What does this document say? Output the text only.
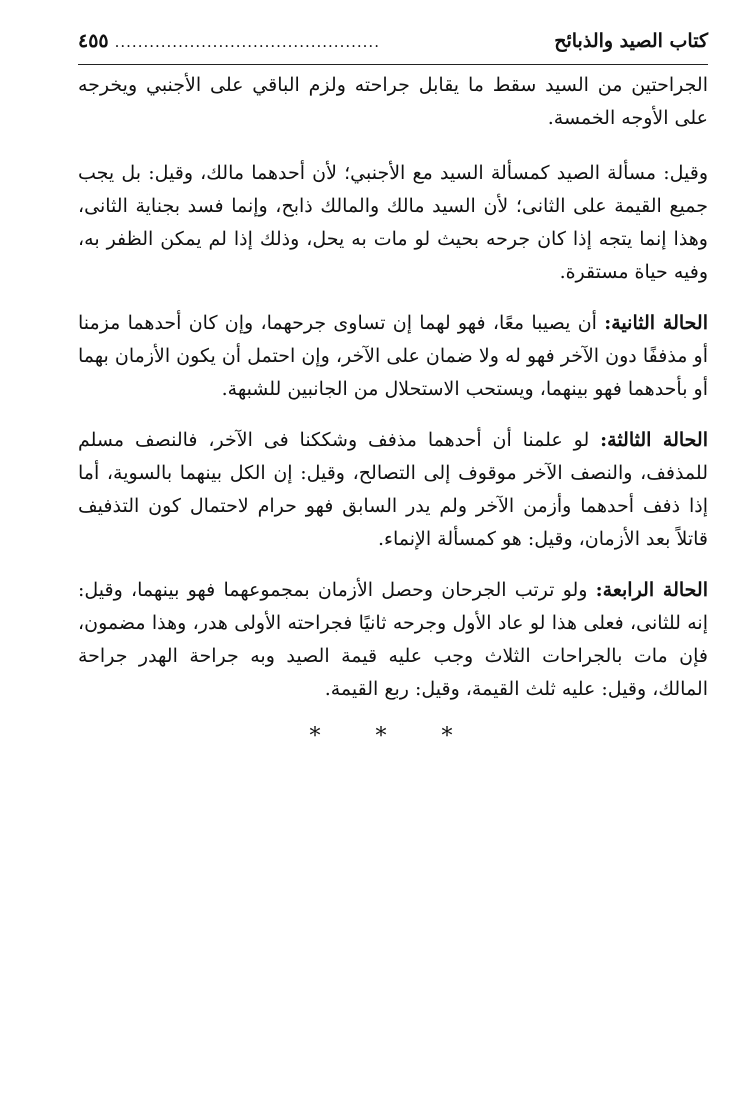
كتاب الصيد والذبائح
..............................................
٤٥٥

الجراحتين من السيد سقط ما يقابل جراحته ولزم الباقي على الأجنبي ويخرجه على الأوجه الخمسة.

وقيل: مسألة الصيد كمسألة السيد مع الأجنبي؛ لأن أحدهما مالك، وقيل: بل يجب جميع القيمة على الثانى؛ لأن السيد مالك والمالك ذابح، وإنما فسد بجناية الثانى، وهذا إنما يتجه إذا كان جرحه بحيث لو مات به يحل، وذلك إذا لم يمكن الظفر به، وفيه حياة مستقرة.

الحالة الثانية: أن يصيبا معًا، فهو لهما إن تساوى جرحهما، وإن كان أحدهما مزمنا أو مذففًا دون الآخر فهو له ولا ضمان على الآخر، وإن احتمل أن يكون الأزمان بهما أو بأحدهما فهو بينهما، ويستحب الاستحلال من الجانبين للشبهة.

الحالة الثالثة: لو علمنا أن أحدهما مذفف وشككنا فى الآخر، فالنصف مسلم للمذفف، والنصف الآخر موقوف إلى التصالح، وقيل: إن الكل بينهما بالسوية، أما إذا ذفف أحدهما وأزمن الآخر ولم يدر السابق فهو حرام لاحتمال كون التذفيف قاتلاً بعد الأزمان، وقيل: هو كمسألة الإنماء.

الحالة الرابعة: ولو ترتب الجرحان وحصل الأزمان بمجموعهما فهو بينهما، وقيل: إنه للثانى، فعلى هذا لو عاد الأول وجرحه ثانيًا فجراحته الأولى هدر، وهذا مضمون، فإن مات بالجراحات الثلاث وجب عليه قيمة الصيد وبه جراحة الهدر جراحة المالك، وقيل: عليه ثلث القيمة، وقيل: ربع القيمة.

* * *
